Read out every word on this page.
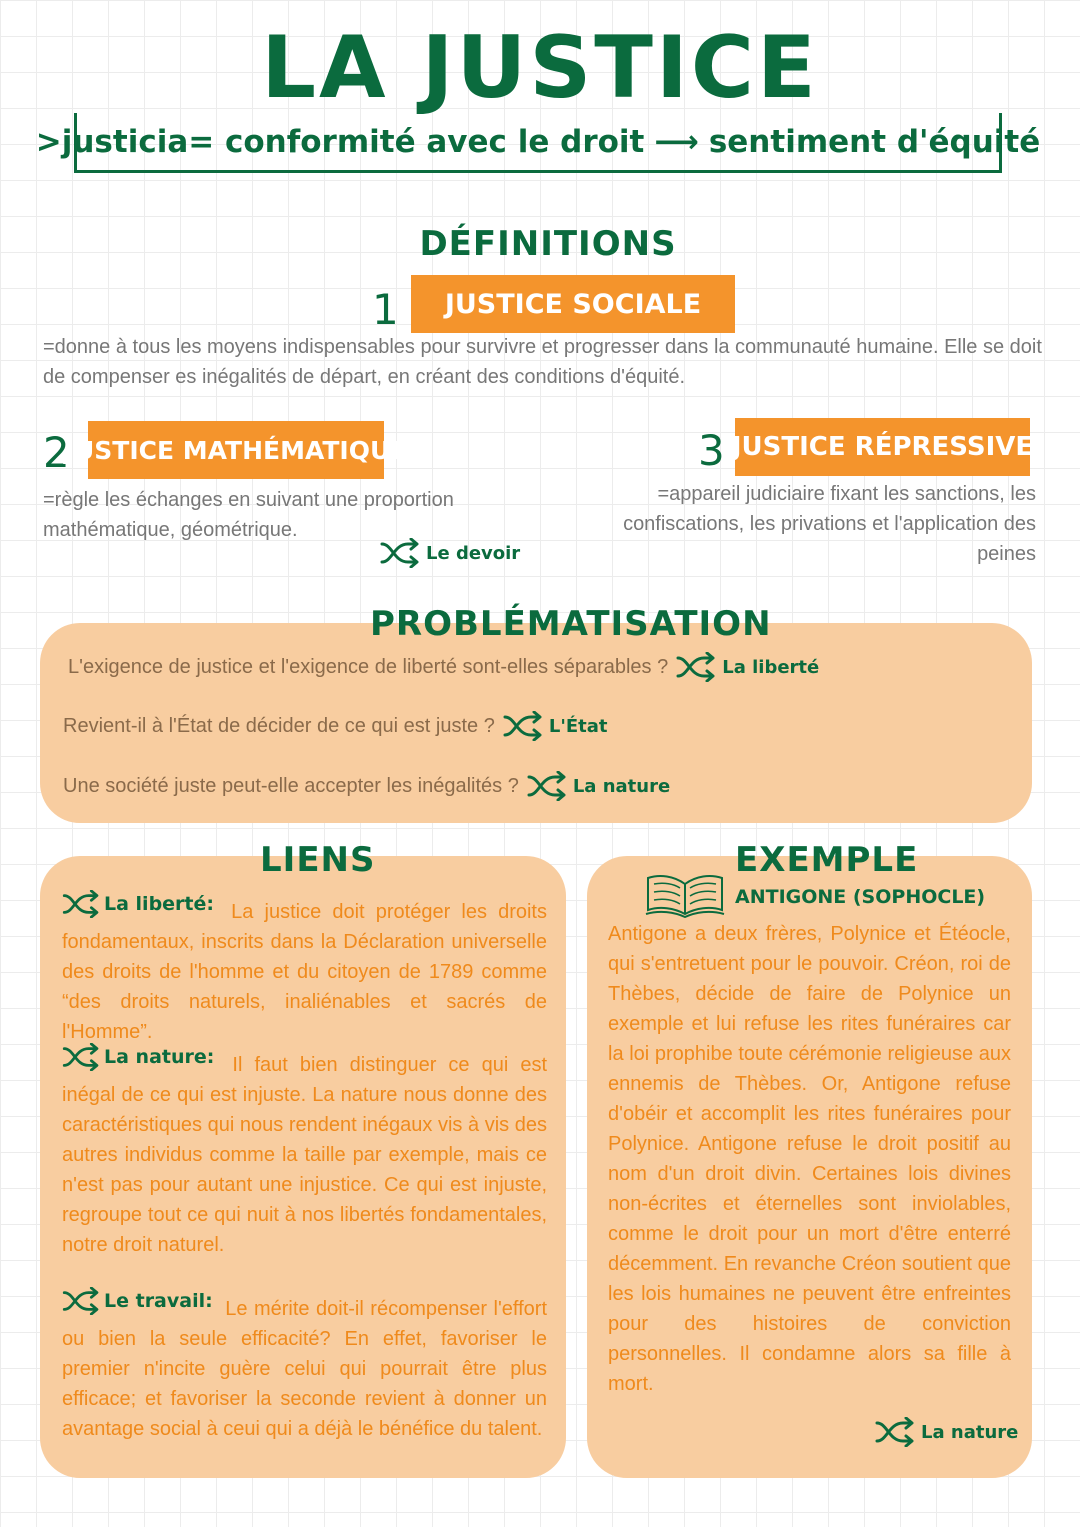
LA JUSTICE
>justicia= conformité avec le droit ⟶ sentiment d'équité
DÉFINITIONS
1	JUSTICE SOCIALE
=donne à tous les moyens indispensables pour survivre et progresser dans la communauté humaine. Elle se doit de compenser es inégalités de départ, en créant des conditions d'équité.
2
JUSTICE MATHÉMATIQUE
=règle les échanges en suivant une proportion mathématique, géométrique.
Le devoir
3 JUSTICE RÉPRESSIVE
=appareil judiciaire fixant les sanctions, les confiscations, les privations et l'application des peines
PROBLÉMATISATION
L'exigence de justice et l'exigence de liberté sont-elles séparables ?	La liberté
Revient-il à l'État de décider de ce qui est juste ?	L'État
Une société juste peut-elle accepter les inégalités ?	La nature
LIENS
La liberté: La justice doit protéger les droits fondamentaux, inscrits dans la Déclaration universelle des droits de l'homme et du citoyen de 1789 comme “des droits naturels, inaliénables et sacrés de l'Homme”.
La nature: Il faut bien distinguer ce qui est inégal de ce qui est injuste. La nature nous donne des caractéristiques qui nous rendent inégaux vis à vis des autres individus comme la taille par exemple, mais ce n'est pas pour autant une injustice. Ce qui est injuste, regroupe tout ce qui nuit à nos libertés fondamentales, notre droit naturel.
Le travail: Le mérite doit-il récompenser l'effort ou bien la seule efficacité? En effet, favoriser le premier n'incite guère celui qui pourrait être plus efficace; et favoriser la seconde revient à donner un avantage social à ceui qui a déjà le bénéfice du talent.
EXEMPLE
ANTIGONE (SOPHOCLE)
Antigone a deux frères, Polynice et Étéocle, qui s'entretuent pour le pouvoir. Créon, roi de Thèbes, décide de faire de Polynice un exemple et lui refuse les rites funéraires car la loi prophibe toute cérémonie religieuse aux ennemis de Thèbes. Or, Antigone refuse d'obéir et accomplit les rites funéraires pour Polynice. Antigone refuse le droit positif au nom d'un droit divin. Certaines lois divines non-écrites et éternelles sont inviolables, comme le droit pour un mort d'être enterré décemment. En revanche Créon soutient que les lois humaines ne peuvent être enfreintes pour des histoires de conviction personnelles. Il condamne alors sa fille à mort.
La nature
